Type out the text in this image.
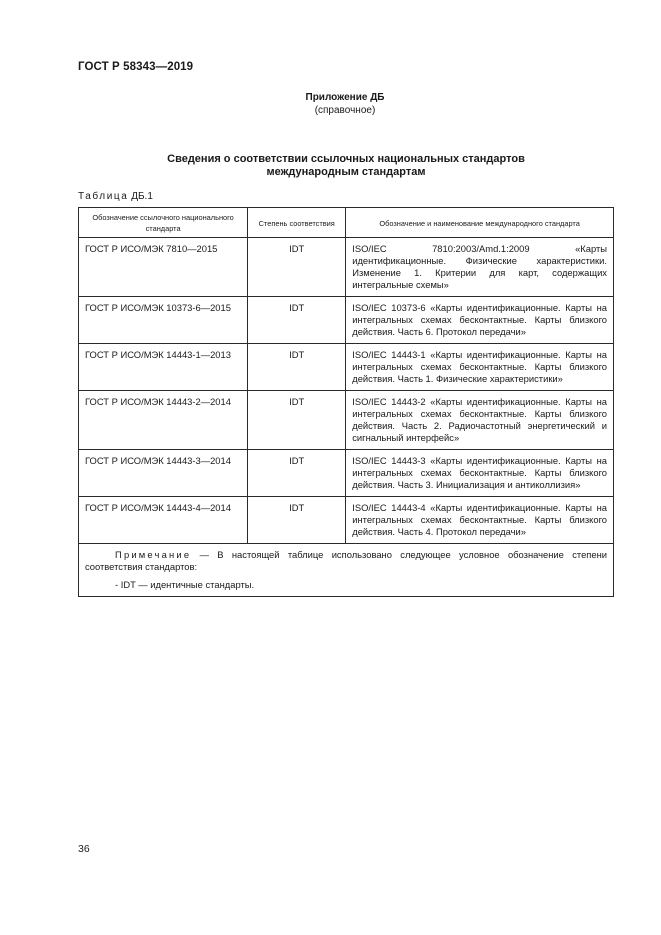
ГОСТ Р 58343—2019
Приложение ДБ
(справочное)
Сведения о соответствии ссылочных национальных стандартов
международным стандартам
Таблица ДБ.1
Обозначение ссылочного национального стандарта	Степень соответствия	Обозначение и наименование международного стандарта
ГОСТ Р ИСО/МЭК 7810—2015	IDT	ISO/IEC 7810:2003/Amd.1:2009 «Карты идентификационные. Физические характеристики. Изменение 1. Критерии для карт, содержащих интегральные схемы»
ГОСТ Р ИСО/МЭК 10373-6—2015	IDT	ISO/IEC 10373-6 «Карты идентификационные. Карты на интегральных схемах бесконтактные. Карты близкого действия. Часть 6. Протокол передачи»
ГОСТ Р ИСО/МЭК 14443-1—2013	IDT	ISO/IEC 14443-1 «Карты идентификационные. Карты на интегральных схемах бесконтактные. Карты близкого действия. Часть 1. Физические характеристики»
ГОСТ Р ИСО/МЭК 14443-2—2014	IDT	ISO/IEC 14443-2 «Карты идентификационные. Карты на интегральных схемах бесконтактные. Карты близкого действия. Часть 2. Радиочастотный энергетический и сигнальный интерфейс»
ГОСТ Р ИСО/МЭК 14443-3—2014	IDT	ISO/IEC 14443-3 «Карты идентификационные. Карты на интегральных схемах бесконтактные. Карты близкого действия. Часть 3. Инициализация и антиколлизия»
ГОСТ Р ИСО/МЭК 14443-4—2014	IDT	ISO/IEC 14443-4 «Карты идентификационные. Карты на интегральных схемах бесконтактные. Карты близкого действия. Часть 4. Протокол передачи»

Примечание — В настоящей таблице использовано следующее условное обозначение степени соответствия стандартов:
- IDT — идентичные стандарты.		
36
